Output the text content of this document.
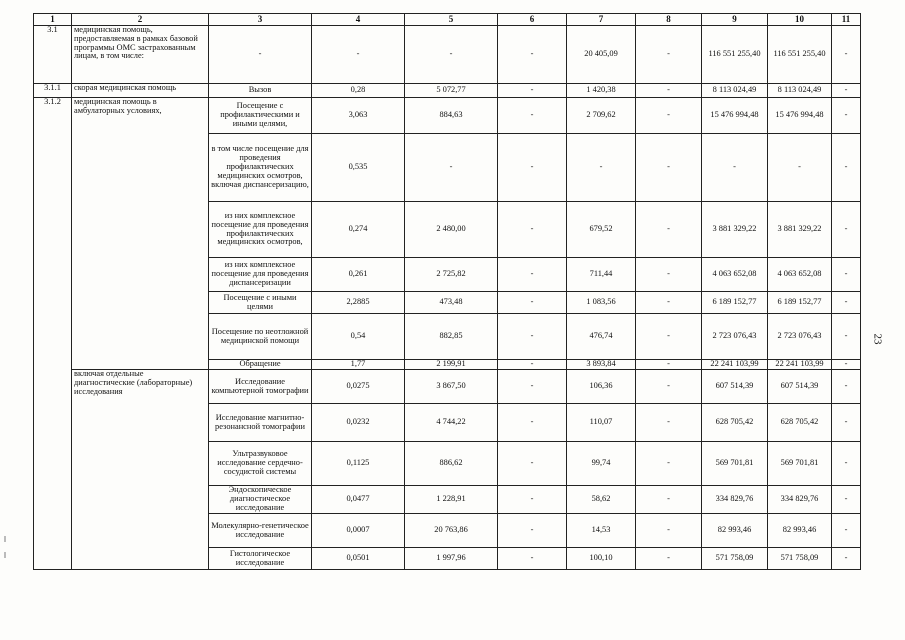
1	2	3	4	5	6	7	8	9	10	11
3.1	медицинская помощь, предоставляемая в рамках базовой программы ОМС застрахованным лицам, в том числе:	-	-	-	-	20 405,09	-	116 551 255,40	116 551 255,40	-
3.1.1	скорая медицинская помощь	Вызов	0,28	5 072,77	-	1 420,38	-	8 113 024,49	8 113 024,49	-
3.1.2	медицинская помощь в амбулаторных условиях,	Посещение с профилактическими и иными целями,	3,063	884,63	-	2 709,62	-	15 476 994,48	15 476 994,48	-
		в том числе посещение для проведения профилактических медицинских осмотров, включая диспансеризацию,	0,535	-	-	-	-	-	-	-
		из них комплексное посещение для проведения профилактических медицинских осмотров,	0,274	2 480,00	-	679,52	-	3 881 329,22	3 881 329,22	-
		из них комплексное посещение для проведения диспансеризации	0,261	2 725,82	-	711,44	-	4 063 652,08	4 063 652,08	-
		Посещение с иными целями	2,2885	473,48	-	1 083,56	-	6 189 152,77	6 189 152,77	-
		Посещение по неотложной медицинской помощи	0,54	882,85	-	476,74	-	2 723 076,43	2 723 076,43	-
		Обращение	1,77	2 199,91	-	3 893,84	-	22 241 103,99	22 241 103,99	-
	включая отдельные диагностические (лабораторные) исследования	Исследование компьютерной томографии	0,0275	3 867,50	-	106,36	-	607 514,39	607 514,39	-
		Исследование магнитно-резонансной томографии	0,0232	4 744,22	-	110,07	-	628 705,42	628 705,42	-
		Ультразвуковое исследование сердечно-сосудистой системы	0,1125	886,62	-	99,74	-	569 701,81	569 701,81	-
		Эндоскопическое диагностическое исследование	0,0477	1 228,91	-	58,62	-	334 829,76	334 829,76	-
		Молекулярно-генетическое исследование	0,0007	20 763,86	-	14,53	-	82 993,46	82 993,46	-
		Гистологическое исследование	0,0501	1 997,96	-	100,10	-	571 758,09	571 758,09	-
23
